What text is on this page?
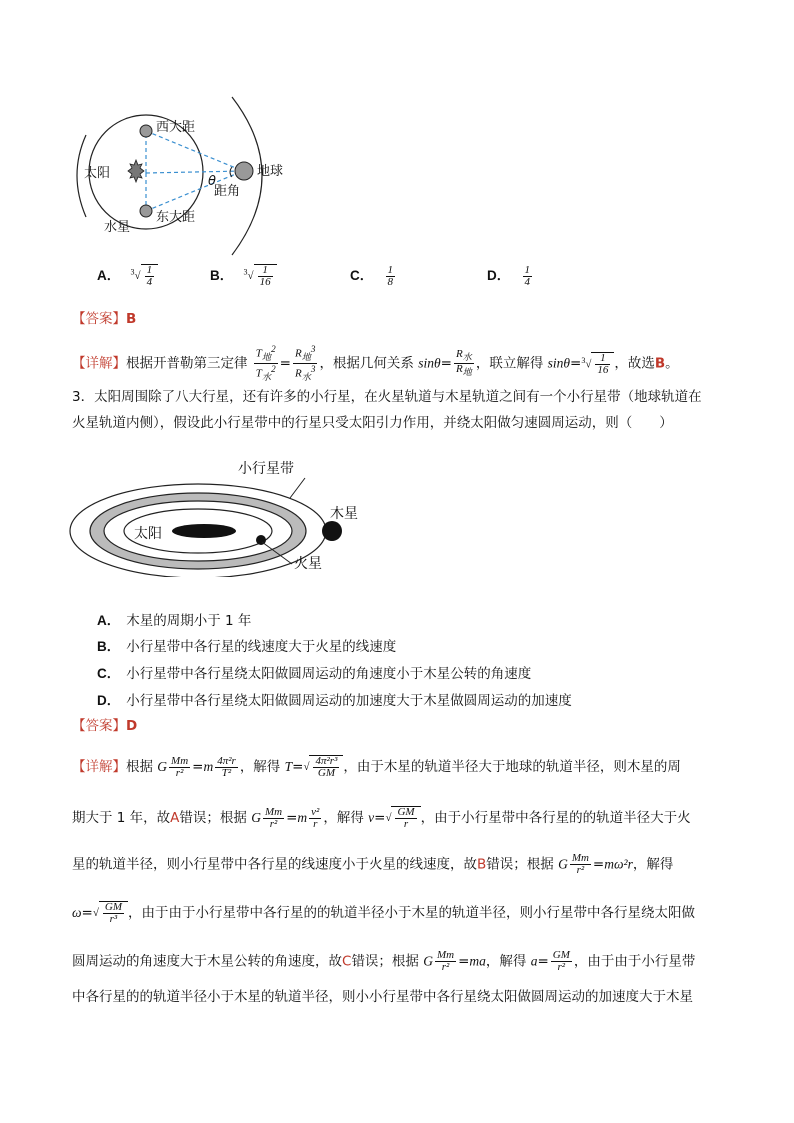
西大距
太阳	地球
θ
距角
水星
东大距
A． $^3√ \frac{1}{4}$	B． $^3√ \frac{1}{16}$	C． $\frac{1}{8}$	D． $\frac{1}{4}$
【答案】B
【详解】根据开普勒第三定律 $\frac{T_地^2}{T_水^2} = \frac{R_地^3}{R_水^3}$ ，根据几何关系 $\sin\theta= \frac{R_水}{R_地}$ ，联立解得 $\sin\theta=^3√ \frac{1}{16}$ ，故选B。
3．太阳周围除了八大行星，还有许多的小行星，在火星轨道与木星轨道之间有一个小行星带（地球轨道在
火星轨道内侧），假设此小行星带中的行星只受太阳引力作用，并绕太阳做匀速圆周运动，则（　　）
小行星带
木星
太阳
火星
A． 木星的周期小于 1 年
B． 小行星带中各行星的线速度大于火星的线速度
C． 小行星带中各行星绕太阳做圆周运动的角速度小于木星公转的角速度
D． 小行星带中各行星绕太阳做圆周运动的加速度大于木星做圆周运动的加速度
【答案】D
【详解】根据 G $\frac{Mm}{\text{r²}} =m \frac{\text{4π²r}}{\text{T²}}$ ，解得 $T=√ \frac{\text{4π²r³}}{GM}$ ，由于木星的轨道半径大于地球的轨道半径，则木星的周
期大于 1 年，故A错误；根据 G $\frac{Mm}{\text{r²}} =m \frac{\text{v²}}{r}$ ，解得 $v=√ \frac{GM}{r}$ ，由于小行星带中各行星的的轨道半径大于火
星的轨道半径，则小行星带中各行星的线速度小于火星的线速度，故B错误；根据 G $\frac{Mm}{\text{r²}} =m\omega^2r$，解得
$\omega=√ \frac{GM}{\text{r³}}$ ，由于由于小行星带中各行星的的轨道半径小于木星的轨道半径，则小行星带中各行星绕太阳做
圆周运动的角速度大于木星公转的角速度，故C错误；根据 G $\frac{Mm}{\text{r²}} =ma$，解得 $a= \frac{GM}{\text{r²}}$ ，由于由于小行星带
中各行星的的轨道半径小于木星的轨道半径，则小小行星带中各行星绕太阳做圆周运动的加速度大于木星
